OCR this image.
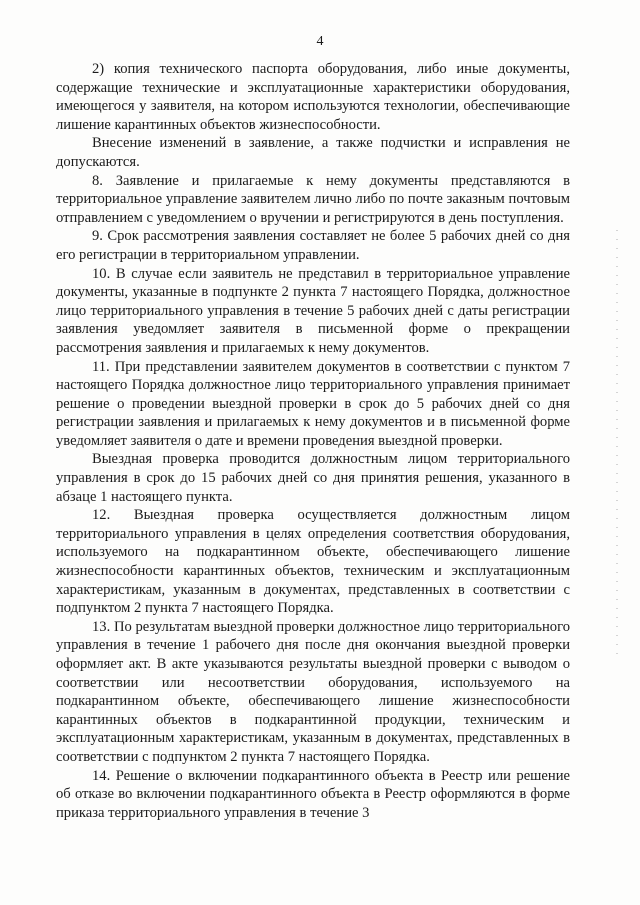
4

2) копия технического паспорта оборудования, либо иные документы, содержащие технические и эксплуатационные характеристики оборудования, имеющегося у заявителя, на котором используются технологии, обеспечивающие лишение карантинных объектов жизнеспособности.

Внесение изменений в заявление, а также подчистки и исправления не допускаются.

8. Заявление и прилагаемые к нему документы представляются в территориальное управление заявителем лично либо по почте заказным почтовым отправлением с уведомлением о вручении и регистрируются в день поступления.

9. Срок рассмотрения заявления составляет не более 5 рабочих дней со дня его регистрации в территориальном управлении.

10. В случае если заявитель не представил в территориальное управление документы, указанные в подпункте 2 пункта 7 настоящего Порядка, должностное лицо территориального управления в течение 5 рабочих дней с даты регистрации заявления уведомляет заявителя в письменной форме о прекращении рассмотрения заявления и прилагаемых к нему документов.

11. При представлении заявителем документов в соответствии с пунктом 7 настоящего Порядка должностное лицо территориального управления принимает решение о проведении выездной проверки в срок до 5 рабочих дней со дня регистрации заявления и прилагаемых к нему документов и в письменной форме уведомляет заявителя о дате и времени проведения выездной проверки.

Выездная проверка проводится должностным лицом территориального управления в срок до 15 рабочих дней со дня принятия решения, указанного в абзаце 1 настоящего пункта.

12. Выездная проверка осуществляется должностным лицом территориального управления в целях определения соответствия оборудования, используемого на подкарантинном объекте, обеспечивающего лишение жизнеспособности карантинных объектов, техническим и эксплуатационным характеристикам, указанным в документах, представленных в соответствии с подпунктом 2 пункта 7 настоящего Порядка.

13. По результатам выездной проверки должностное лицо территориального управления в течение 1 рабочего дня после дня окончания выездной проверки оформляет акт. В акте указываются результаты выездной проверки с выводом о соответствии или несоответствии оборудования, используемого на подкарантинном объекте, обеспечивающего лишение жизнеспособности карантинных объектов в подкарантинной продукции, техническим и эксплуатационным характеристикам, указанным в документах, представленных в соответствии с подпунктом 2 пункта 7 настоящего Порядка.

14. Решение о включении подкарантинного объекта в Реестр или решение об отказе во включении подкарантинного объекта в Реестр оформляются в форме приказа территориального управления в течение 3
